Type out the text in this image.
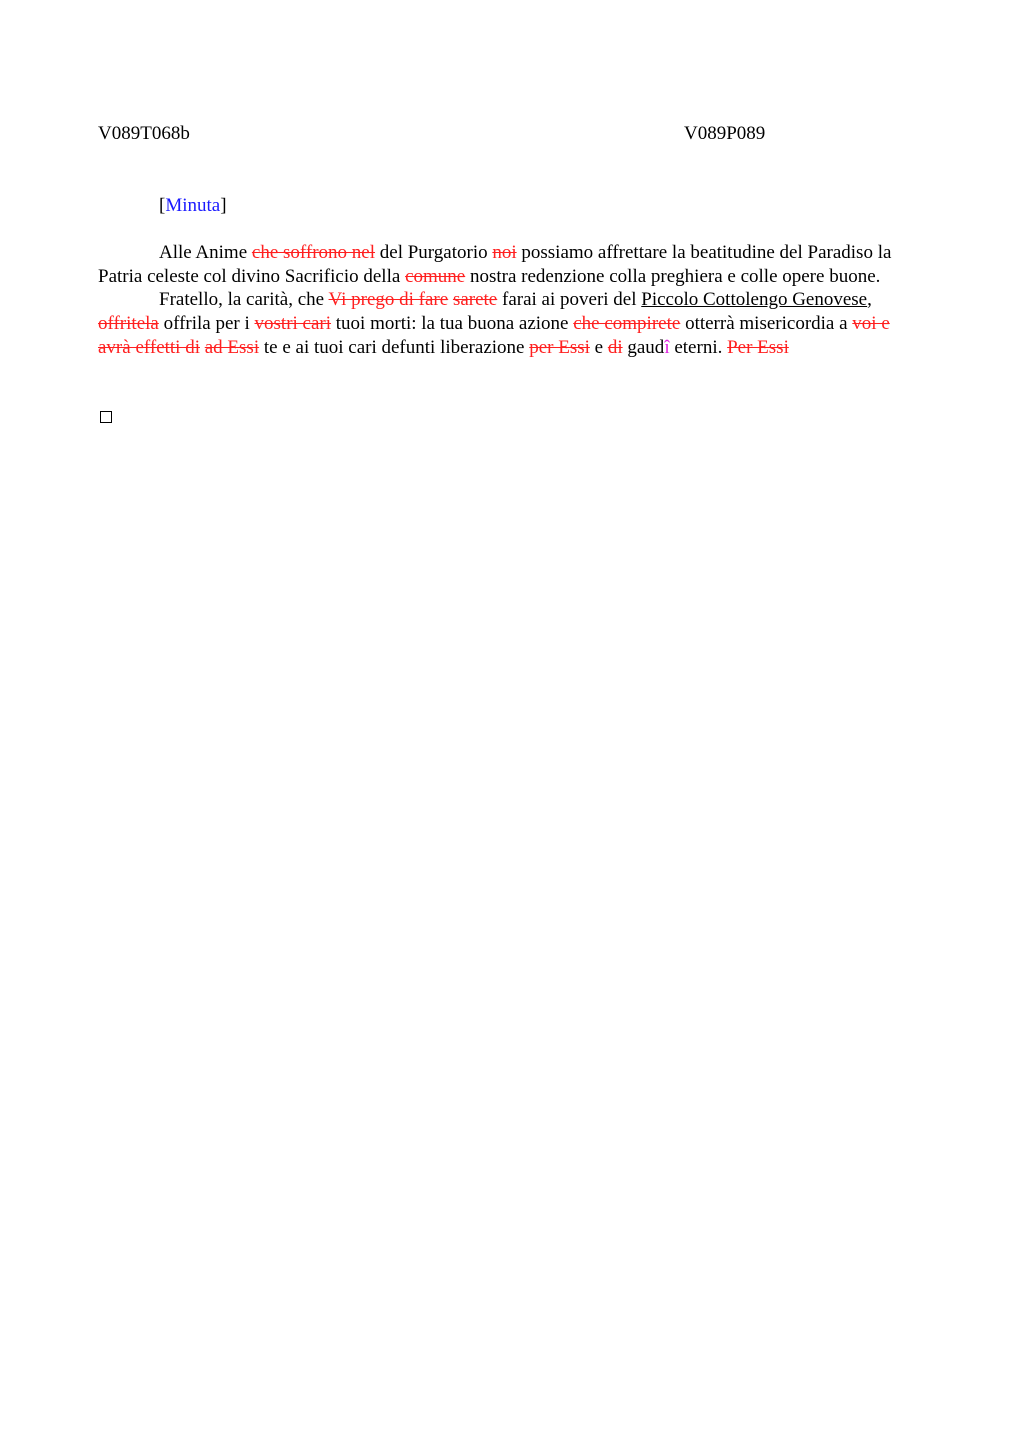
V089T068b	V089P089
[Minuta]

Alle Anime che soffrono nel del Purgatorio noi possiamo affrettare la beatitudine del Paradiso la Patria celeste col divino Sacrificio della comune nostra redenzione colla preghiera e colle opere buone.

Fratello, la carità, che Vi prego di fare sarete farai ai poveri del Piccolo Cottolengo Genovese, offritela offrila per i vostri cari tuoi morti: la tua buona azione che compirete otterrà misericordia a voi e avrà effetti di ad Essi te e ai tuoi cari defunti liberazione per Essi e di gaudî eterni. Per Essi
